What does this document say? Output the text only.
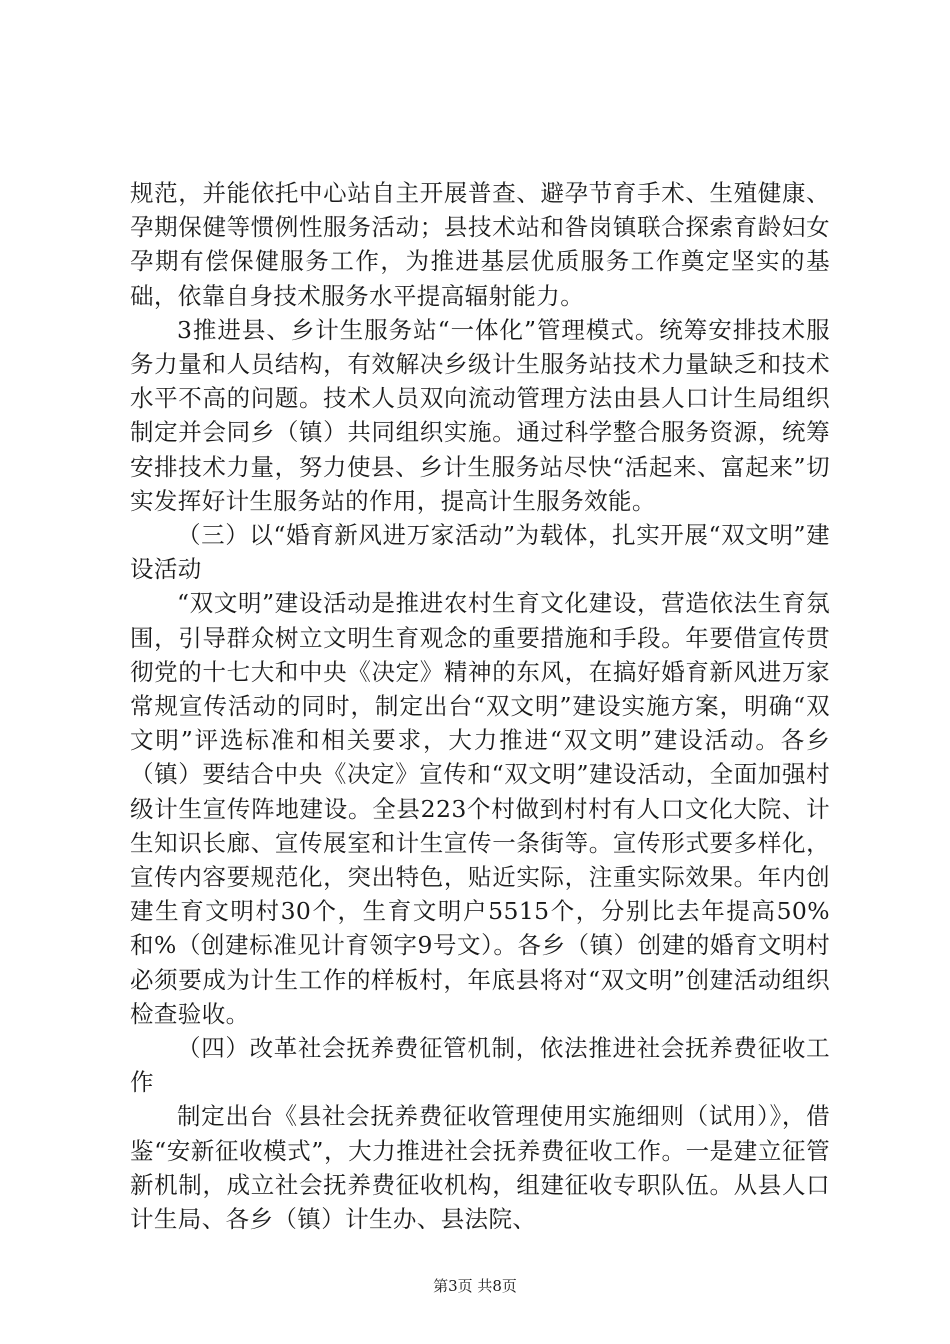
规范，并能依托中心站自主开展普查、避孕节育手术、生殖健康、孕期保健等惯例性服务活动；县技术站和昝岗镇联合探索育龄妇女孕期有偿保健服务工作，为推进基层优质服务工作奠定坚实的基础，依靠自身技术服务水平提高辐射能力。

3推进县、乡计生服务站“一体化”管理模式。统筹安排技术服务力量和人员结构，有效解决乡级计生服务站技术力量缺乏和技术水平不高的问题。技术人员双向流动管理方法由县人口计生局组织制定并会同乡（镇）共同组织实施。通过科学整合服务资源，统筹安排技术力量，努力使县、乡计生服务站尽快“活起来、富起来”切实发挥好计生服务站的作用，提高计生服务效能。

（三）以“婚育新风进万家活动”为载体，扎实开展“双文明”建设活动

“双文明”建设活动是推进农村生育文化建设，营造依法生育氛围，引导群众树立文明生育观念的重要措施和手段。年要借宣传贯彻党的十七大和中央《决定》精神的东风，在搞好婚育新风进万家常规宣传活动的同时，制定出台“双文明”建设实施方案，明确“双文明”评选标准和相关要求，大力推进“双文明”建设活动。各乡（镇）要结合中央《决定》宣传和“双文明”建设活动，全面加强村级计生宣传阵地建设。全县223个村做到村村有人口文化大院、计生知识长廊、宣传展室和计生宣传一条街等。宣传形式要多样化，宣传内容要规范化，突出特色，贴近实际，注重实际效果。年内创建生育文明村30个，生育文明户5515个，分别比去年提高50%和%（创建标准见计育领字9号文）。各乡（镇）创建的婚育文明村必须要成为计生工作的样板村，年底县将对“双文明”创建活动组织检查验收。

（四）改革社会抚养费征管机制，依法推进社会抚养费征收工作

制定出台《县社会抚养费征收管理使用实施细则（试用）》，借鉴“安新征收模式”，大力推进社会抚养费征收工作。一是建立征管新机制，成立社会抚养费征收机构，组建征收专职队伍。从县人口计生局、各乡（镇）计生办、县法院、

第3页 共8页
